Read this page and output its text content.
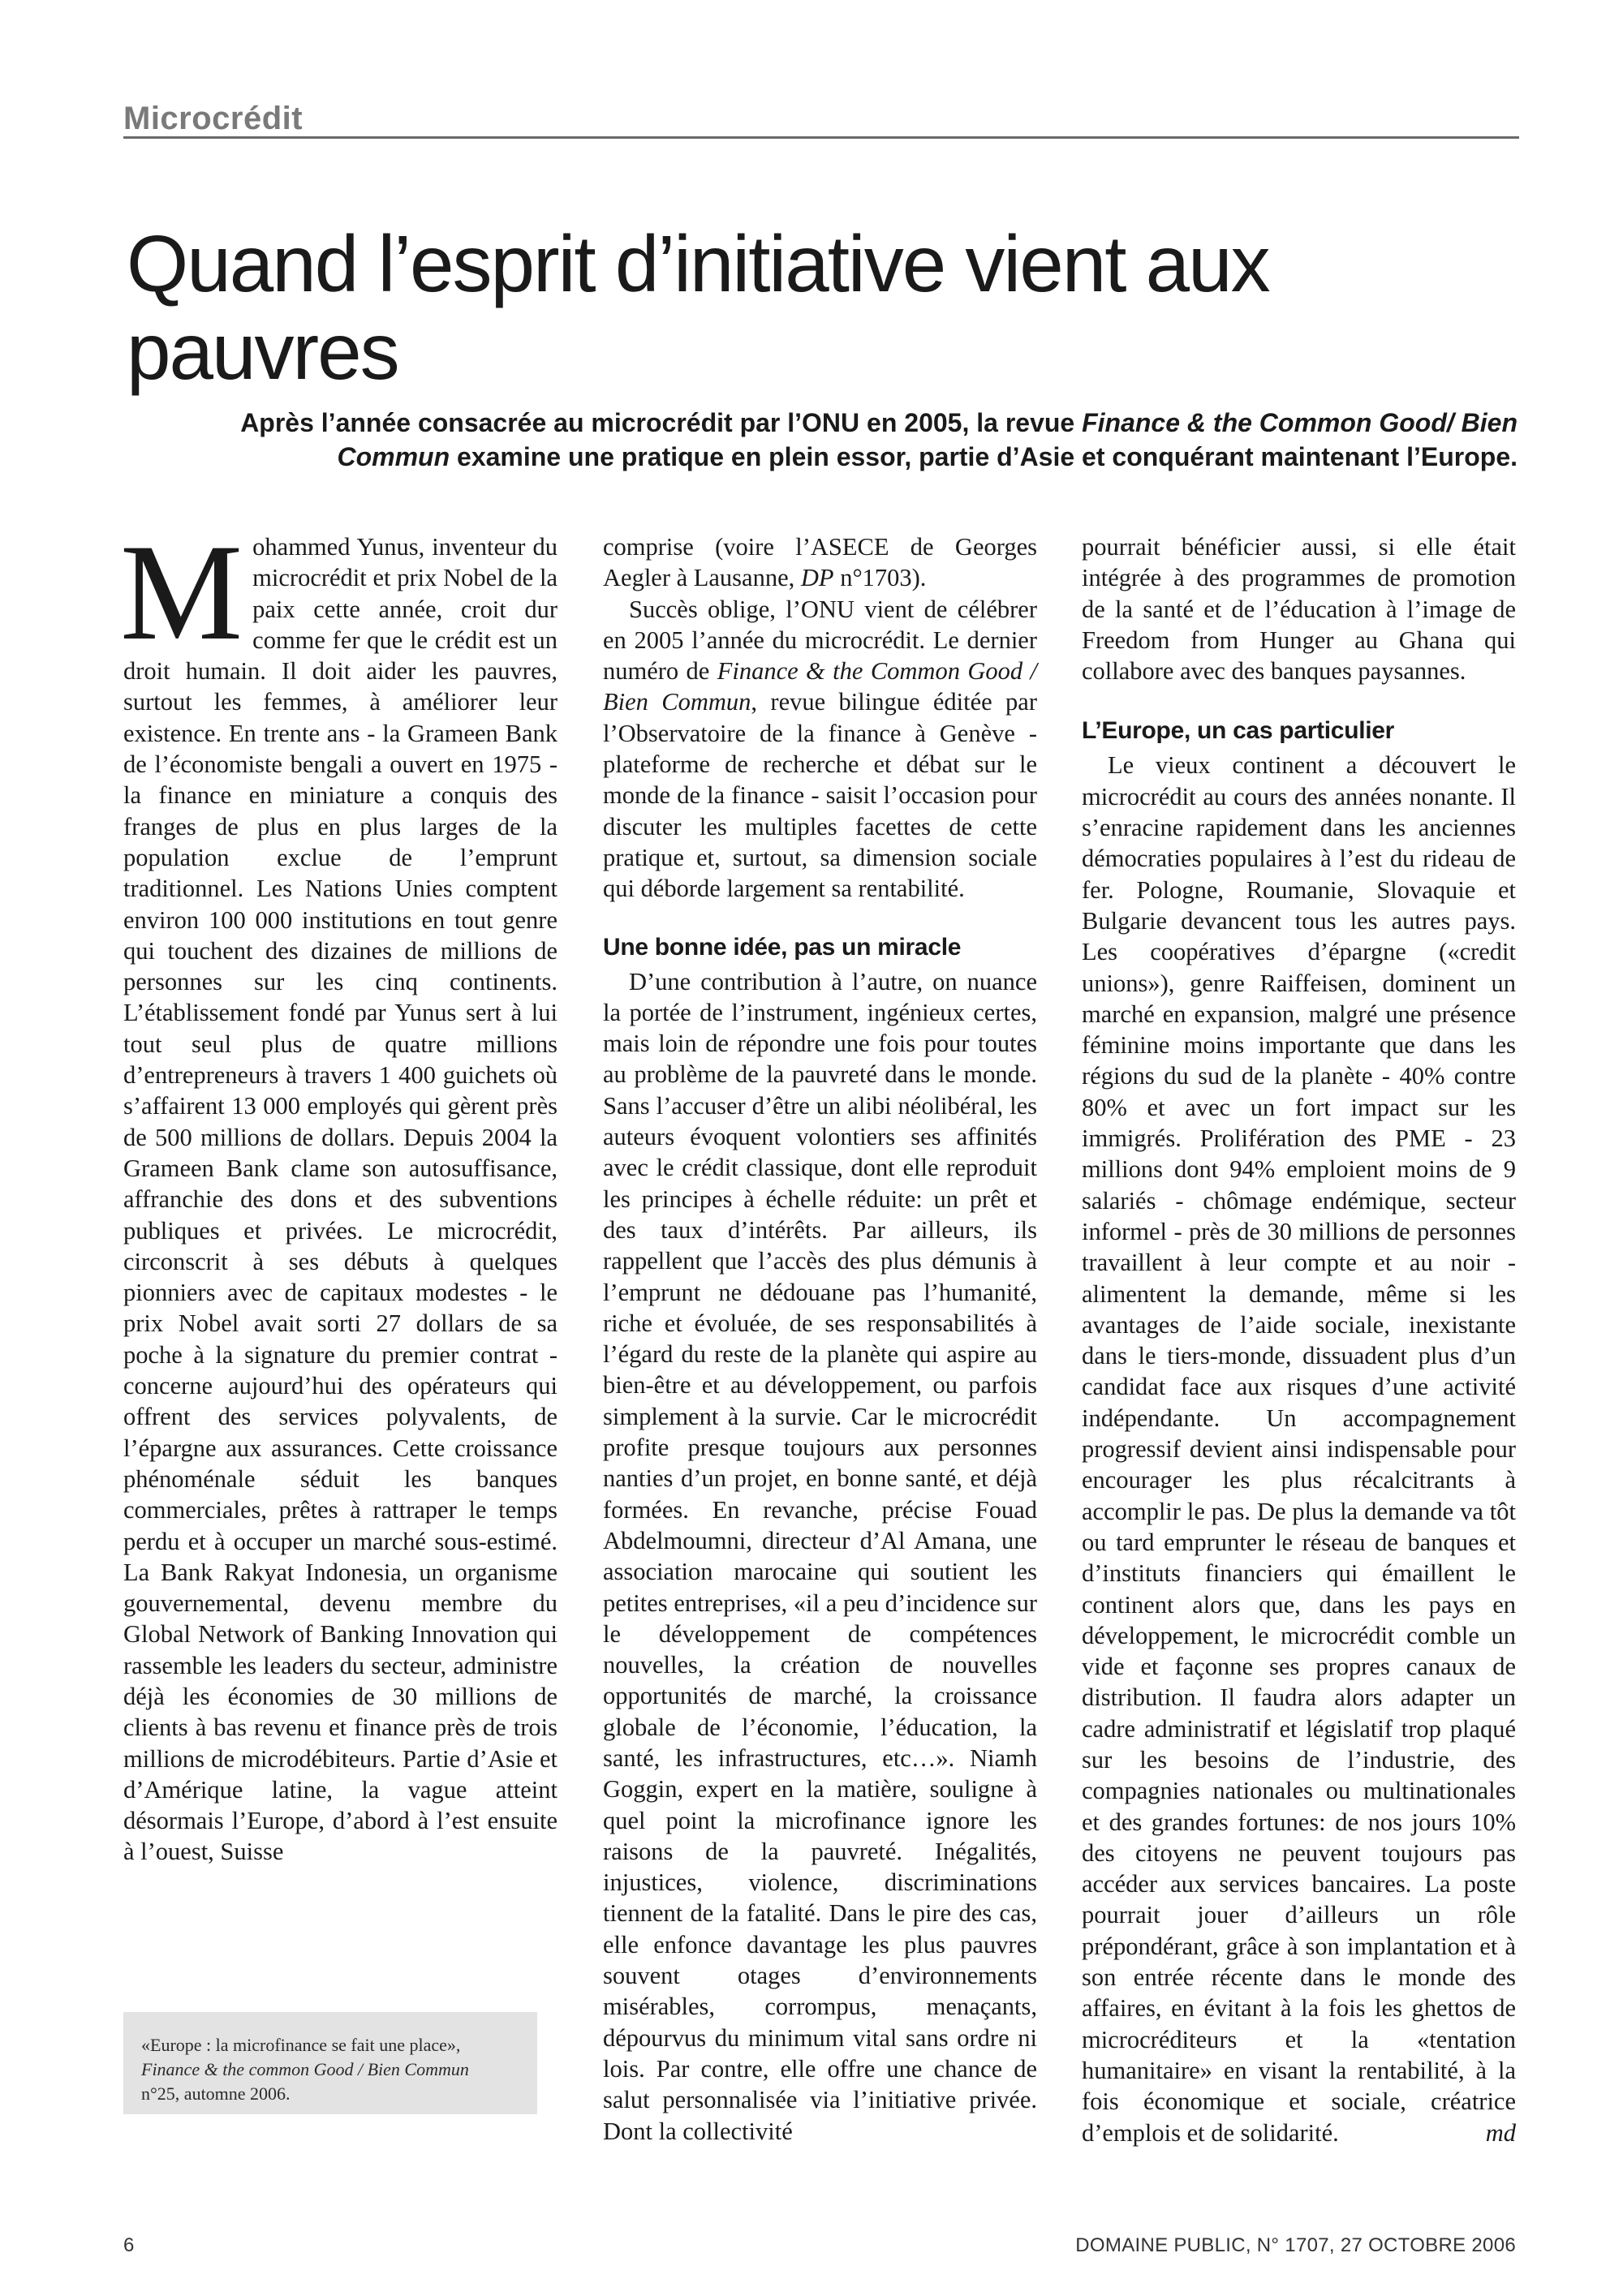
Microcrédit
Quand l’esprit d’initiative vient aux pauvres

Après l’année consacrée au microcrédit par l’ONU en 2005, la revue Finance & the Common Good/ Bien Commun examine une pratique en plein essor, partie d’Asie et conquérant maintenant l’Europe.

Mohammed Yunus, inventeur du microcrédit et prix Nobel de la paix cette année, croit dur comme fer que le crédit est un droit humain. Il doit aider les pauvres, surtout les femmes, à améliorer leur existence. En trente ans - la Grameen Bank de l’économiste bengali a ouvert en 1975 - la finance en miniature a conquis des franges de plus en plus larges de la population exclue de l’emprunt traditionnel. Les Nations Unies comptent environ 100 000 institutions en tout genre qui touchent des dizaines de millions de personnes sur les cinq continents. L’établissement fondé par Yunus sert à lui tout seul plus de quatre millions d’entrepreneurs à travers 1 400 guichets où s’affairent 13 000 employés qui gèrent près de 500 millions de dollars. Depuis 2004 la Grameen Bank clame son autosuffisance, affranchie des dons et des subventions publiques et privées. Le microcrédit, circonscrit à ses débuts à quelques pionniers avec de capitaux modestes - le prix Nobel avait sorti 27 dollars de sa poche à la signature du premier contrat - concerne aujourd’hui des opérateurs qui offrent des services polyvalents, de l’épargne aux assurances. Cette croissance phénoménale séduit les banques commerciales, prêtes à rattraper le temps perdu et à occuper un marché sous-estimé. La Bank Rakyat Indonesia, un organisme gouvernemental, devenu membre du Global Network of Banking Innovation qui rassemble les leaders du secteur, administre déjà les économies de 30 millions de clients à bas revenu et finance près de trois millions de microdébiteurs. Partie d’Asie et d’Amérique latine, la vague atteint désormais l’Europe, d’abord à l’est ensuite à l’ouest, Suisse

comprise (voire l’ASECE de Georges Aegler à Lausanne, DP n°1703).

Succès oblige, l’ONU vient de célébrer en 2005 l’année du microcrédit. Le dernier numéro de Finance & the Common Good / Bien Commun, revue bilingue éditée par l’Observatoire de la finance à Genève - plateforme de recherche et débat sur le monde de la finance - saisit l’occasion pour discuter les multiples facettes de cette pratique et, surtout, sa dimension sociale qui déborde largement sa rentabilité.

Une bonne idée, pas un miracle

D’une contribution à l’autre, on nuance la portée de l’instrument, ingénieux certes, mais loin de répondre une fois pour toutes au problème de la pauvreté dans le monde. Sans l’accuser d’être un alibi néolibéral, les auteurs évoquent volontiers ses affinités avec le crédit classique, dont elle reproduit les principes à échelle réduite: un prêt et des taux d’intérêts. Par ailleurs, ils rappellent que l’accès des plus démunis à l’emprunt ne dédouane pas l’humanité, riche et évoluée, de ses responsabilités à l’égard du reste de la planète qui aspire au bien-être et au développement, ou parfois simplement à la survie. Car le microcrédit profite presque toujours aux personnes nanties d’un projet, en bonne santé, et déjà formées. En revanche, précise Fouad Abdelmoumni, directeur d’Al Amana, une association marocaine qui soutient les petites entreprises, «il a peu d’incidence sur le développement de compétences nouvelles, la création de nouvelles opportunités de marché, la croissance globale de l’économie, l’éducation, la santé, les infrastructures, etc…». Niamh Goggin, expert en la matière, souligne à quel point la microfinance ignore les raisons de la pauvreté. Inégalités, injustices, violence, discriminations tiennent de la fatalité. Dans le pire des cas, elle enfonce davantage les plus pauvres souvent otages d’environnements misérables, corrompus, menaçants, dépourvus du minimum vital sans ordre ni lois. Par contre, elle offre une chance de salut personnalisée via l’initiative privée. Dont la collectivité

pourrait bénéficier aussi, si elle était intégrée à des programmes de promotion de la santé et de l’éducation à l’image de Freedom from Hunger au Ghana qui collabore avec des banques paysannes.

L’Europe, un cas particulier

Le vieux continent a découvert le microcrédit au cours des années nonante. Il s’enracine rapidement dans les anciennes démocraties populaires à l’est du rideau de fer. Pologne, Roumanie, Slovaquie et Bulgarie devancent tous les autres pays. Les coopératives d’épargne («credit unions»), genre Raiffeisen, dominent un marché en expansion, malgré une présence féminine moins importante que dans les régions du sud de la planète - 40% contre 80% et avec un fort impact sur les immigrés. Prolifération des PME - 23 millions dont 94% emploient moins de 9 salariés - chômage endémique, secteur informel - près de 30 millions de personnes travaillent à leur compte et au noir - alimentent la demande, même si les avantages de l’aide sociale, inexistante dans le tiers-monde, dissuadent plus d’un candidat face aux risques d’une activité indépendante. Un accompagnement progressif devient ainsi indispensable pour encourager les plus récalcitrants à accomplir le pas. De plus la demande va tôt ou tard emprunter le réseau de banques et d’instituts financiers qui émaillent le continent alors que, dans les pays en développement, le microcrédit comble un vide et façonne ses propres canaux de distribution. Il faudra alors adapter un cadre administratif et législatif trop plaqué sur les besoins de l’industrie, des compagnies nationales ou multinationales et des grandes fortunes: de nos jours 10% des citoyens ne peuvent toujours pas accéder aux services bancaires. La poste pourrait jouer d’ailleurs un rôle prépondérant, grâce à son implantation et à son entrée récente dans le monde des affaires, en évitant à la fois les ghettos de microcréditeurs et la «tentation humanitaire» en visant la rentabilité, à la fois économique et sociale, créatrice d’emplois et de solidarité.	md

«Europe : la microfinance se fait une place»,
Finance & the common Good / Bien Commun
n°25, automne 2006.
6	DOMAINE PUBLIC, N° 1707, 27 OCTOBRE 2006
